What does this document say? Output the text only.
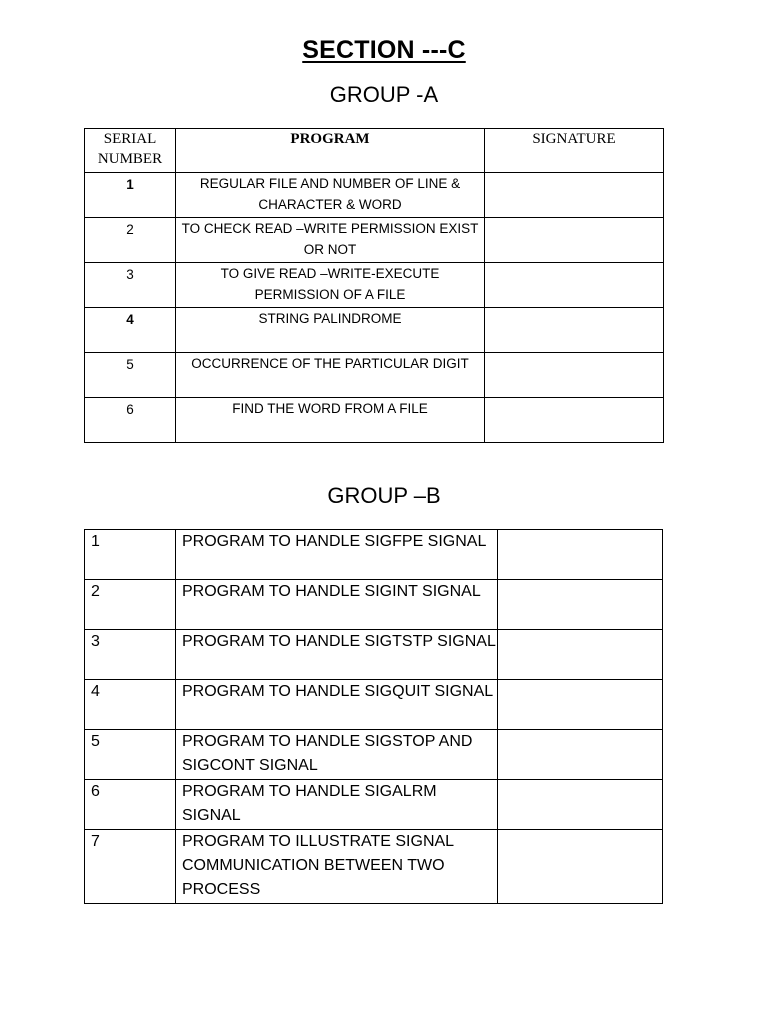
SECTION ---C
GROUP -A
SERIAL NUMBER	PROGRAM	SIGNATURE
1	REGULAR FILE AND NUMBER OF LINE & CHARACTER & WORD	
2	TO CHECK READ –WRITE PERMISSION EXIST OR NOT	
3	TO GIVE READ –WRITE-EXECUTE PERMISSION OF A FILE	
4	STRING PALINDROME	
5	OCCURRENCE OF THE PARTICULAR DIGIT	
6	FIND THE WORD FROM A FILE	
GROUP –B
1	PROGRAM TO HANDLE SIGFPE SIGNAL	
2	PROGRAM TO HANDLE SIGINT SIGNAL	
3	PROGRAM TO HANDLE SIGTSTP SIGNAL	
4	PROGRAM TO HANDLE SIGQUIT SIGNAL	
5	PROGRAM TO HANDLE SIGSTOP AND SIGCONT SIGNAL	
6	PROGRAM TO HANDLE SIGALRM SIGNAL	
7	PROGRAM TO ILLUSTRATE SIGNAL COMMUNICATION BETWEEN TWO PROCESS	
